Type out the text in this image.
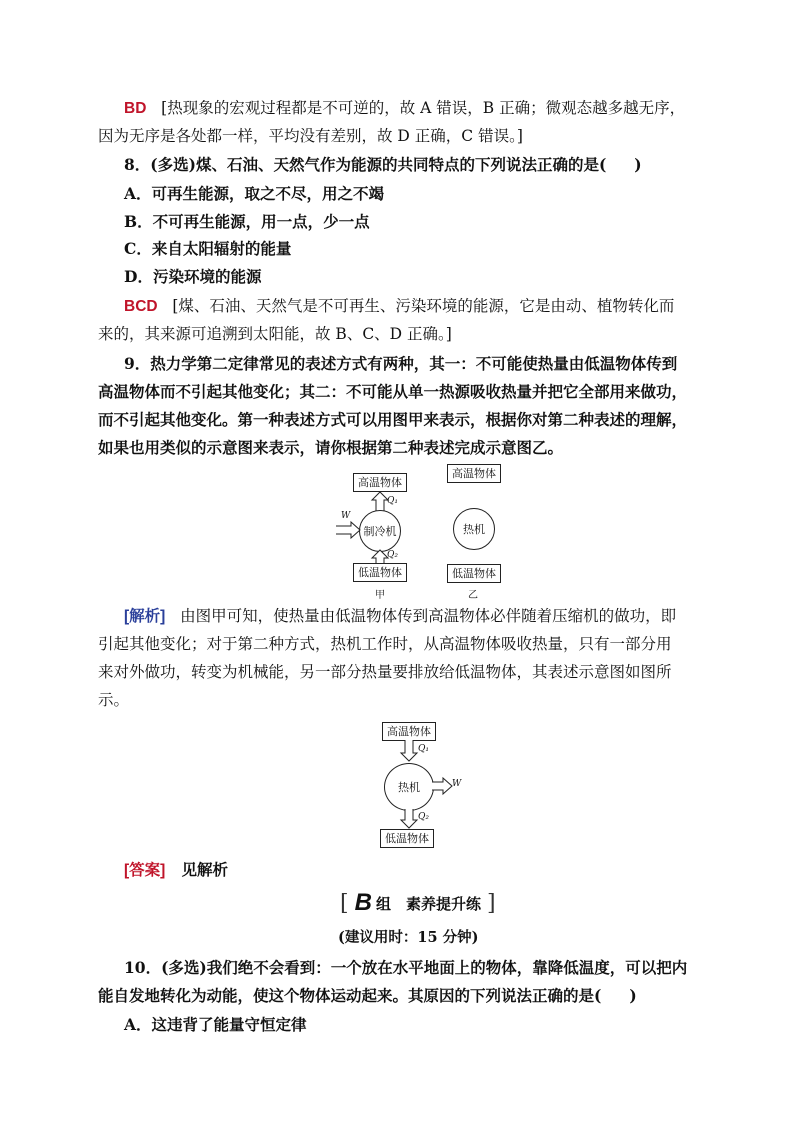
BD [热现象的宏观过程都是不可逆的，故 A 错误，B 正确；微观态越多越无序，
因为无序是各处都一样，平均没有差别，故 D 正确，C 错误。]
8．(多选)煤、石油、天然气作为能源的共同特点的下列说法正确的是( )
A．可再生能源，取之不尽，用之不竭
B．不可再生能源，用一点，少一点
C．来自太阳辐射的能量
D．污染环境的能源
BCD [煤、石油、天然气是不可再生、污染环境的能源，它是由动、植物转化而
来的，其来源可追溯到太阳能，故 B、C、D 正确。]
9．热力学第二定律常见的表述方式有两种，其一：不可能使热量由低温物体传到
高温物体而不引起其他变化；其二：不可能从单一热源吸收热量并把它全部用来做功，
而不引起其他变化。第一种表述方式可以用图甲来表示，根据你对第二种表述的理解，
如果也用类似的示意图来表示，请你根据第二种表述完成示意图乙。
高温物体
Q₁
制冷机
W
Q₂
低温物体
甲
高温物体
热机
低温物体
乙
[解析] 由图甲可知，使热量由低温物体传到高温物体必伴随着压缩机的做功，即
引起其他变化；对于第二种方式，热机工作时，从高温物体吸收热量，只有一部分用
来对外做功，转变为机械能，另一部分热量要排放给低温物体，其表述示意图如图所
示。
高温物体
Q₁
热机	W
Q₂
低温物体
[答案] 见解析
[ B 组　素养提升练 ]
(建议用时：15 分钟)
10．(多选)我们绝不会看到：一个放在水平地面上的物体，靠降低温度，可以把内
能自发地转化为动能，使这个物体运动起来。其原因的下列说法正确的是( )
A．这违背了能量守恒定律
